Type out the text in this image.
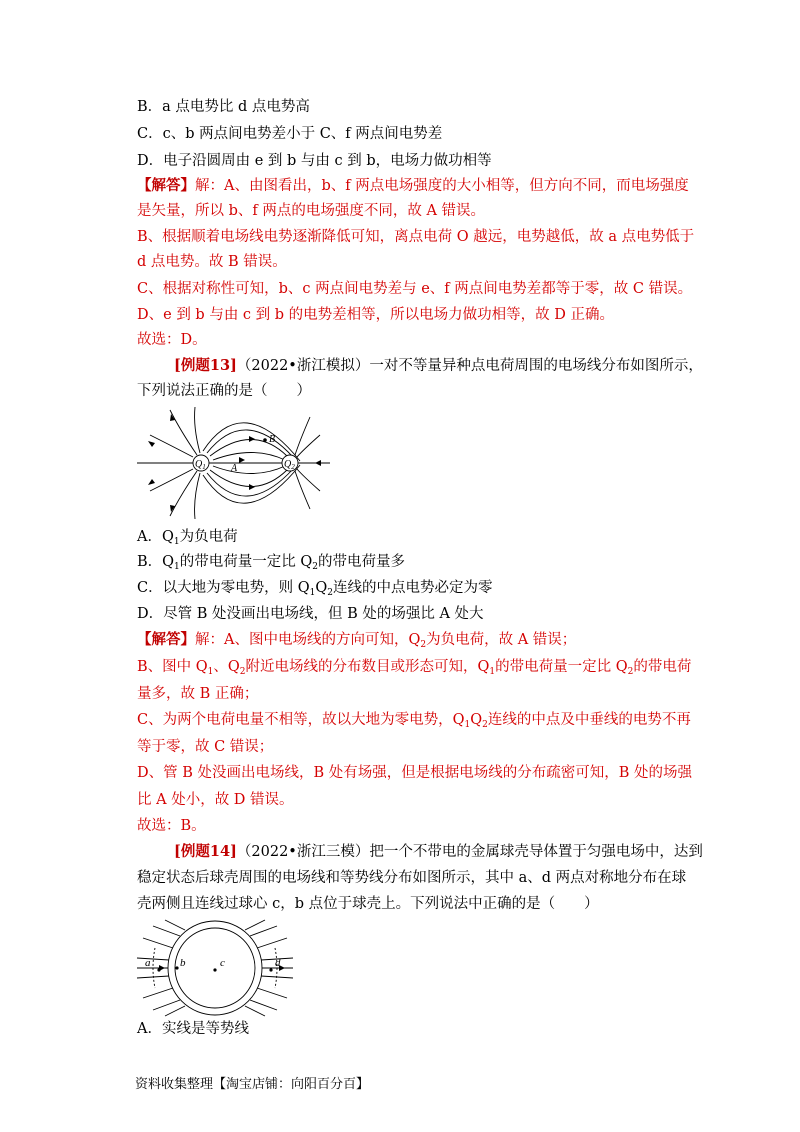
B．a 点电势比 d 点电势高
C．c、b 两点间电势差小于 C、f 两点间电势差
D．电子沿圆周由 e 到 b 与由 c 到 b，电场力做功相等
【解答】解：A、由图看出，b、f 两点电场强度的大小相等，但方向不同，而电场强度
是矢量，所以 b、f 两点的电场强度不同，故 A 错误。
B、根据顺着电场线电势逐渐降低可知，离点电荷 O 越远，电势越低，故 a 点电势低于
d 点电势。故 B 错误。
C、根据对称性可知，b、c 两点间电势差与 e、f 两点间电势差都等于零，故 C 错误。
D、e 到 b 与由 c 到 b 的电势差相等，所以电场力做功相等，故 D 正确。
故选：D。
[例题13]（2022•浙江模拟）一对不等量异种点电荷周围的电场线分布如图所示，
下列说法正确的是（　　）
$Q_1$	$Q_2$
A
B
A．$Q_1$为负电荷
B．$Q_1$的带电荷量一定比 $Q_2$的带电荷量多
C．以大地为零电势，则 $Q_1Q_2$连线的中点电势必定为零
D．尽管 B 处没画出电场线，但 B 处的场强比 A 处大
【解答】解：A、图中电场线的方向可知，$Q_2$为负电荷，故 A 错误；
B、图中 $Q_1$、$Q_2$附近电场线的分布数目或形态可知，$Q_1$的带电荷量一定比 $Q_2$的带电荷
量多，故 B 正确；
C、为两个电荷电量不相等，故以大地为零电势，$Q_1Q_2$连线的中点及中垂线的电势不再
等于零，故 C 错误；
D、管 B 处没画出电场线，B 处有场强，但是根据电场线的分布疏密可知，B 处的场强
比 A 处小，故 D 错误。
故选：B。
[例题14]（2022•浙江三模）把一个不带电的金属球壳导体置于匀强电场中，达到
稳定状态后球壳周围的电场线和等势线分布如图所示，其中 a、d 两点对称地分布在球
壳两侧且连线过球心 c，b 点位于球壳上。下列说法中正确的是（　　）
a	b	c	d
A．实线是等势线
资料收集整理【淘宝店铺：向阳百分百】
